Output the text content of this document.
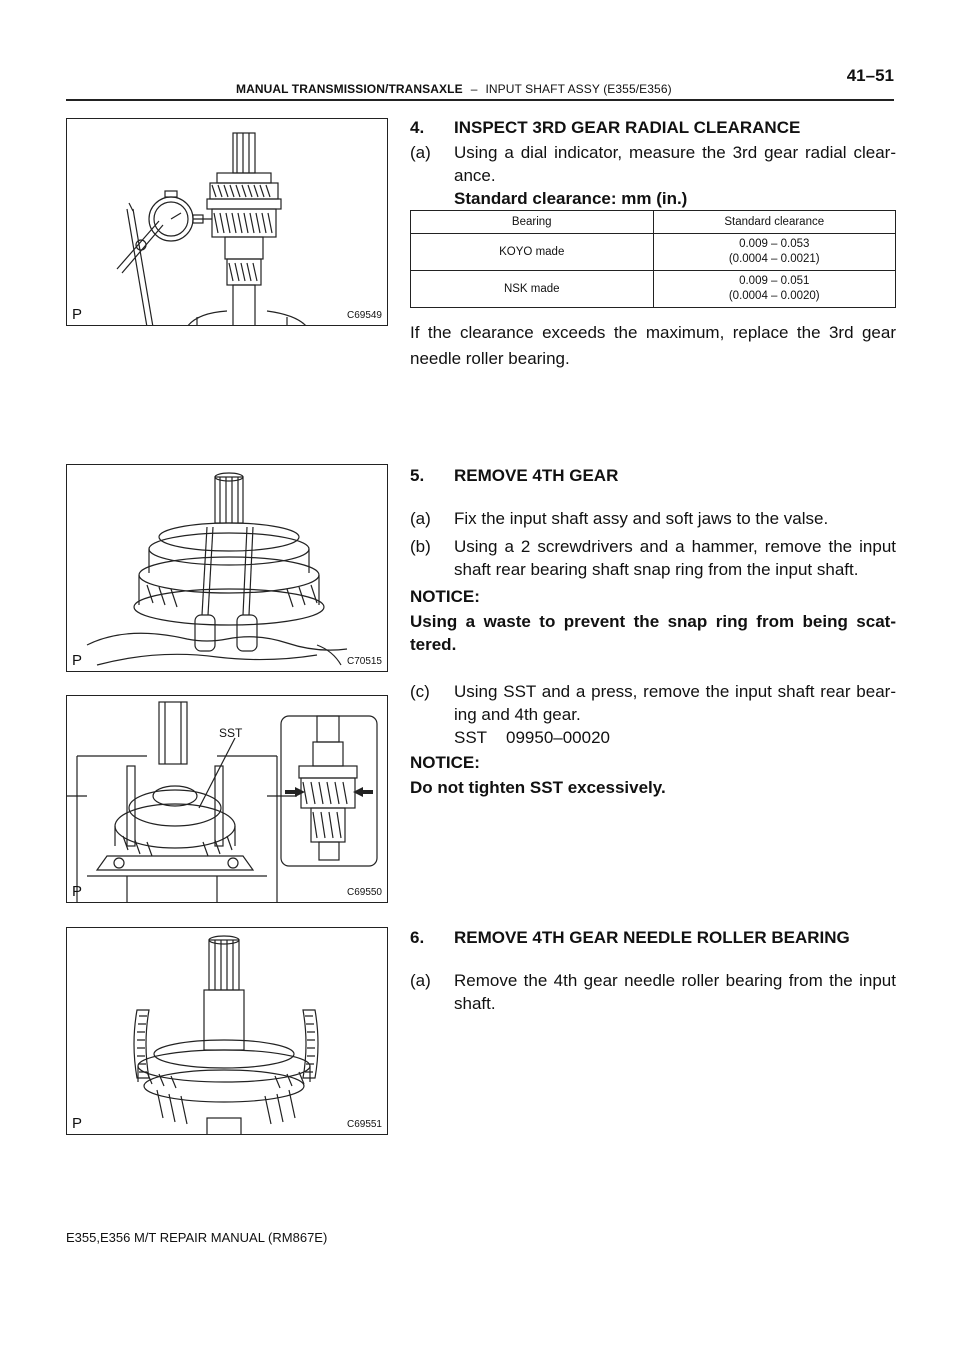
MANUAL TRANSMISSION/TRANSAXLE – INPUT SHAFT ASSY (E355/E356)
41–51
P	C69549
P	C70515
SST
P	C69550
P	C69551
4. INSPECT 3RD GEAR RADIAL CLEARANCE
(a) Using a dial indicator, measure the 3rd gear radial clear-ance.
Standard clearance: mm (in.)
Bearing	Standard clearance
KOYO made	0.009 – 0.053
(0.0004 – 0.0021)
NSK made	0.009 – 0.051
(0.0004 – 0.0020)
If the clearance exceeds the maximum, replace the 3rd gear needle roller bearing.
5. REMOVE 4TH GEAR
(a) Fix the input shaft assy and soft jaws to the valse.
(b) Using a 2 screwdrivers and a hammer, remove the input shaft rear bearing shaft snap ring from the input shaft.
NOTICE:
Using a waste to prevent the snap ring from being scat-tered.
(c) Using SST and a press, remove the input shaft rear bear-ing and 4th gear.
SST 09950–00020
NOTICE:
Do not tighten SST excessively.
6. REMOVE 4TH GEAR NEEDLE ROLLER BEARING
(a) Remove the 4th gear needle roller bearing from the input shaft.
E355,E356 M/T REPAIR MANUAL (RM867E)
